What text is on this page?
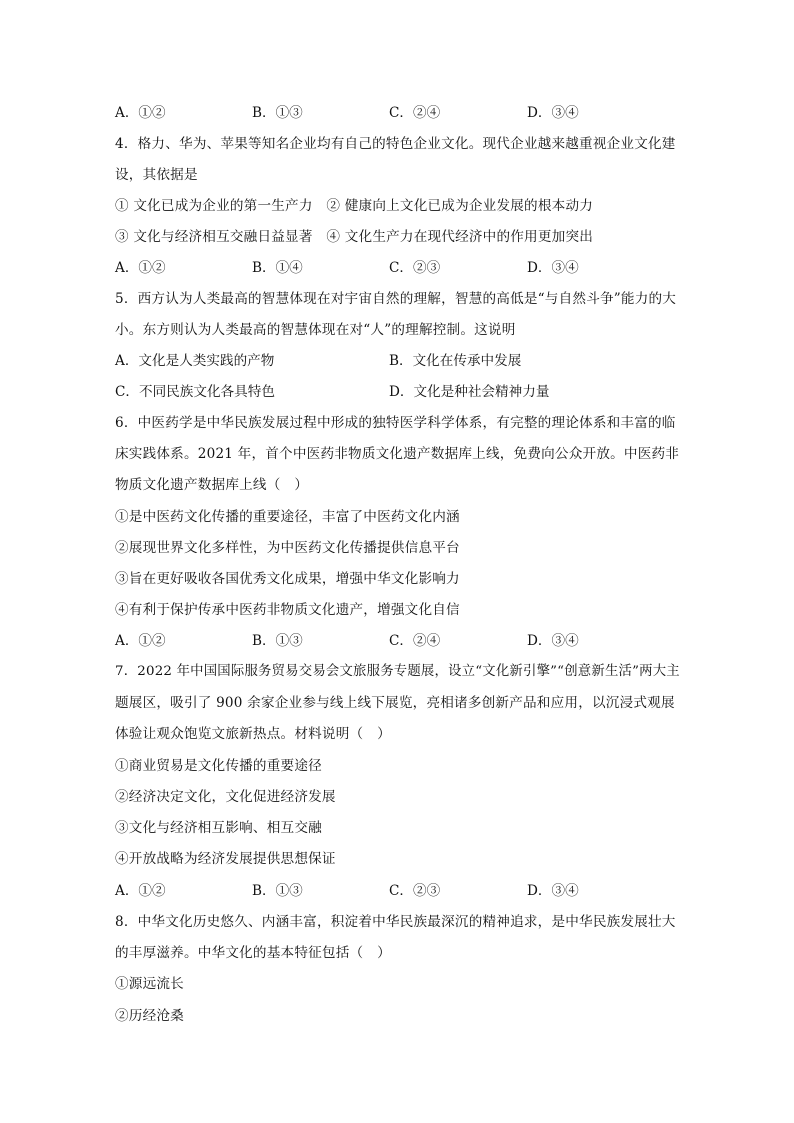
A．①②	B．①③	C．②④	D．③④
4．格力、华为、苹果等知名企业均有自己的特色企业文化。现代企业越来越重视企业文化建
设，其依据是
① 文化已成为企业的第一生产力　② 健康向上文化已成为企业发展的根本动力
③ 文化与经济相互交融日益显著　④ 文化生产力在现代经济中的作用更加突出
A．①②	B．①④	C．②③	D．③④
5．西方认为人类最高的智慧体现在对宇宙自然的理解，智慧的高低是“与自然斗争”能力的大
小。东方则认为人类最高的智慧体现在对“人”的理解控制。这说明
A．文化是人类实践的产物	B．文化在传承中发展
C．不同民族文化各具特色	D．文化是种社会精神力量
6．中医药学是中华民族发展过程中形成的独特医学科学体系，有完整的理论体系和丰富的临
床实践体系。2021 年，首个中医药非物质文化遗产数据库上线，免费向公众开放。中医药非
物质文化遗产数据库上线（　）
①是中医药文化传播的重要途径，丰富了中医药文化内涵
②展现世界文化多样性，为中医药文化传播提供信息平台
③旨在更好吸收各国优秀文化成果，增强中华文化影响力
④有利于保护传承中医药非物质文化遗产，增强文化自信
A．①②	B．①③	C．②④	D．③④
7．2022 年中国国际服务贸易交易会文旅服务专题展，设立“文化新引擎”“创意新生活”两大主
题展区，吸引了 900 余家企业参与线上线下展览，亮相诸多创新产品和应用，以沉浸式观展
体验让观众饱览文旅新热点。材料说明（　）
①商业贸易是文化传播的重要途径
②经济决定文化，文化促进经济发展
③文化与经济相互影响、相互交融
④开放战略为经济发展提供思想保证
A．①②	B．①③	C．②③	D．③④
8．中华文化历史悠久、内涵丰富，积淀着中华民族最深沉的精神追求，是中华民族发展壮大
的丰厚滋养。中华文化的基本特征包括（　）
①源远流长
②历经沧桑
